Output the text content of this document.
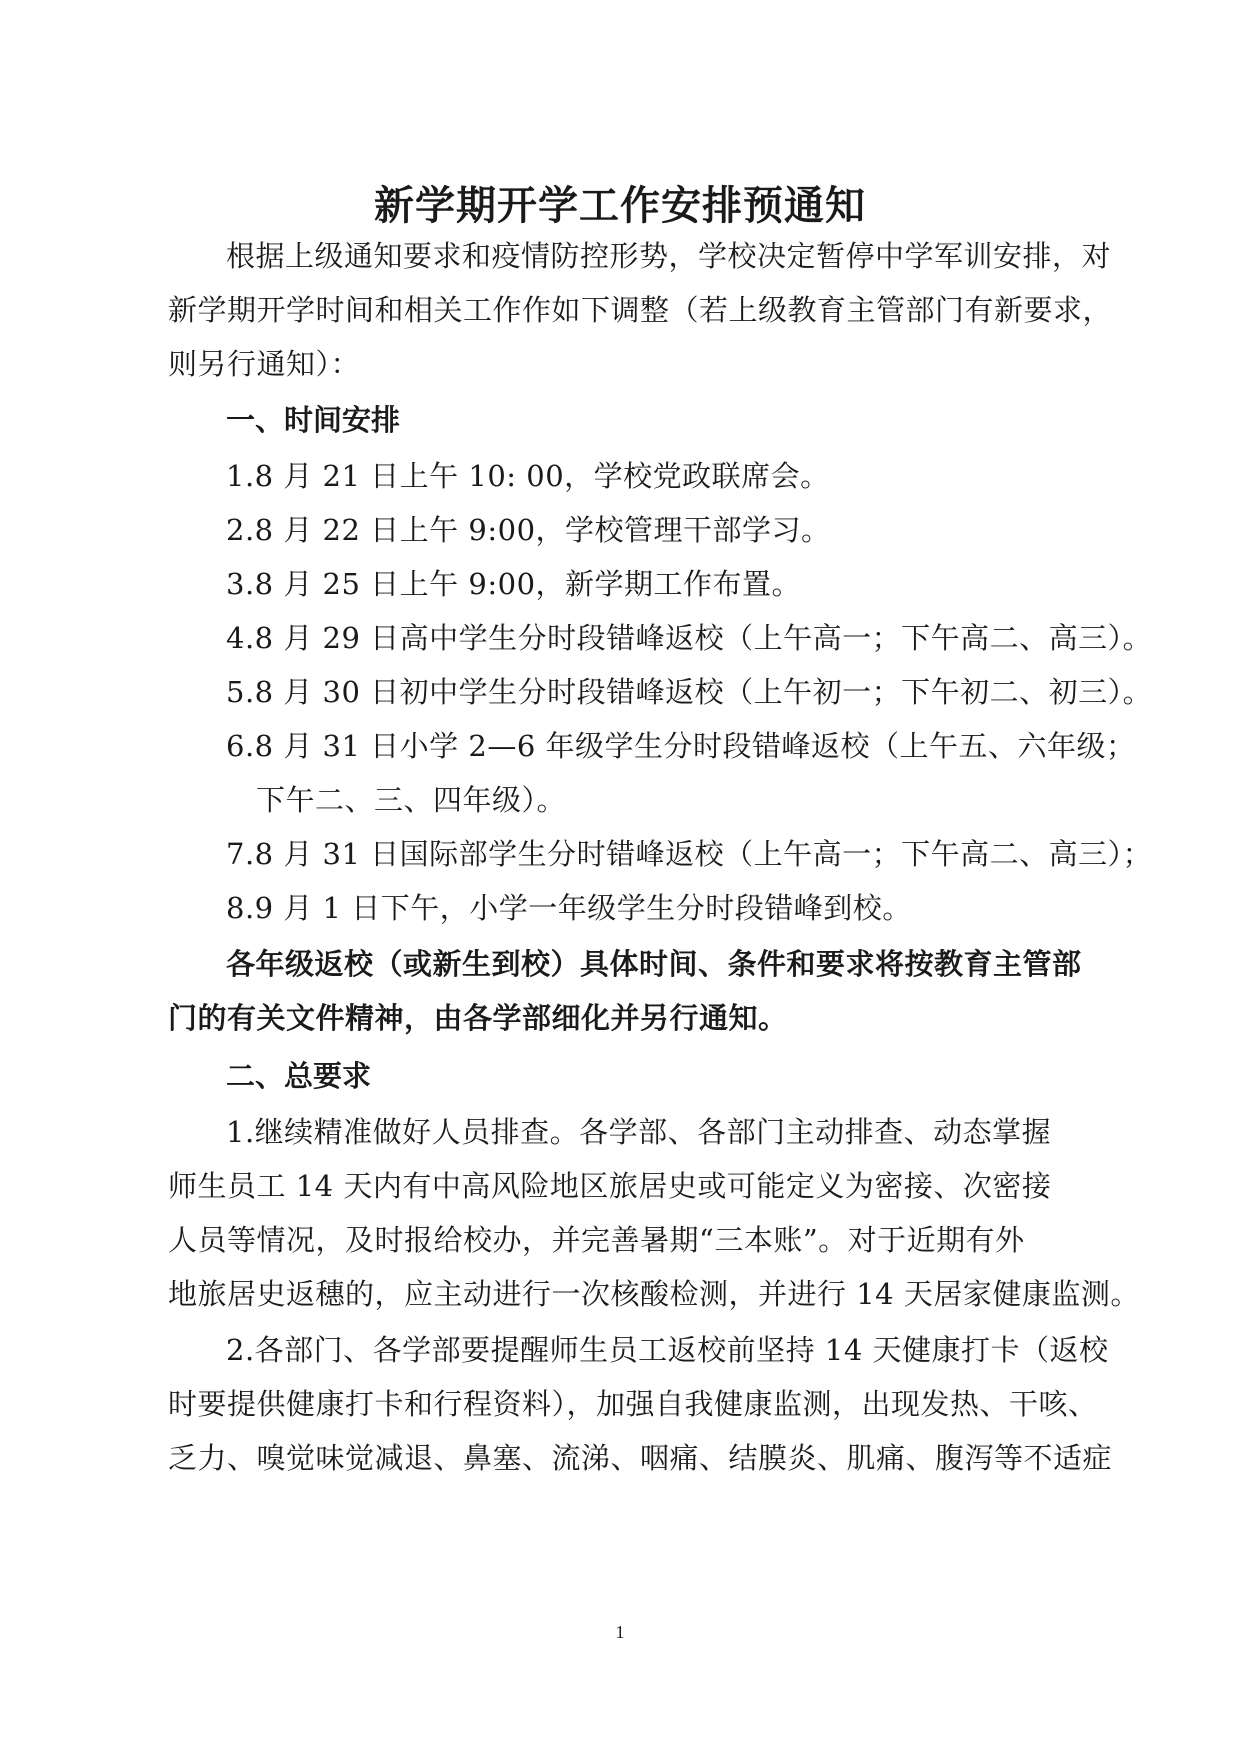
新学期开学工作安排预通知
根据上级通知要求和疫情防控形势，学校决定暂停中学军训安排，对
新学期开学时间和相关工作作如下调整（若上级教育主管部门有新要求，
则另行通知）：
一、时间安排
1.8 月 21 日上午 10: 00，学校党政联席会。
2.8 月 22 日上午 9:00，学校管理干部学习。
3.8 月 25 日上午 9:00，新学期工作布置。
4.8 月 29 日高中学生分时段错峰返校（上午高一；下午高二、高三）。
5.8 月 30 日初中学生分时段错峰返校（上午初一；下午初二、初三）。
6.8 月 31 日小学 2—6 年级学生分时段错峰返校（上午五、六年级；
下午二、三、四年级）。
7.8 月 31 日国际部学生分时错峰返校（上午高一；下午高二、高三）；
8.9 月 1 日下午，小学一年级学生分时段错峰到校。
各年级返校（或新生到校）具体时间、条件和要求将按教育主管部
门的有关文件精神，由各学部细化并另行通知。
二、总要求
1.继续精准做好人员排查。各学部、各部门主动排查、动态掌握
师生员工 14 天内有中高风险地区旅居史或可能定义为密接、次密接
人员等情况，及时报给校办，并完善暑期“三本账”。对于近期有外
地旅居史返穗的，应主动进行一次核酸检测，并进行 14 天居家健康监测。
2.各部门、各学部要提醒师生员工返校前坚持 14 天健康打卡（返校
时要提供健康打卡和行程资料），加强自我健康监测，出现发热、干咳、
乏力、嗅觉味觉减退、鼻塞、流涕、咽痛、结膜炎、肌痛、腹泻等不适症
1
